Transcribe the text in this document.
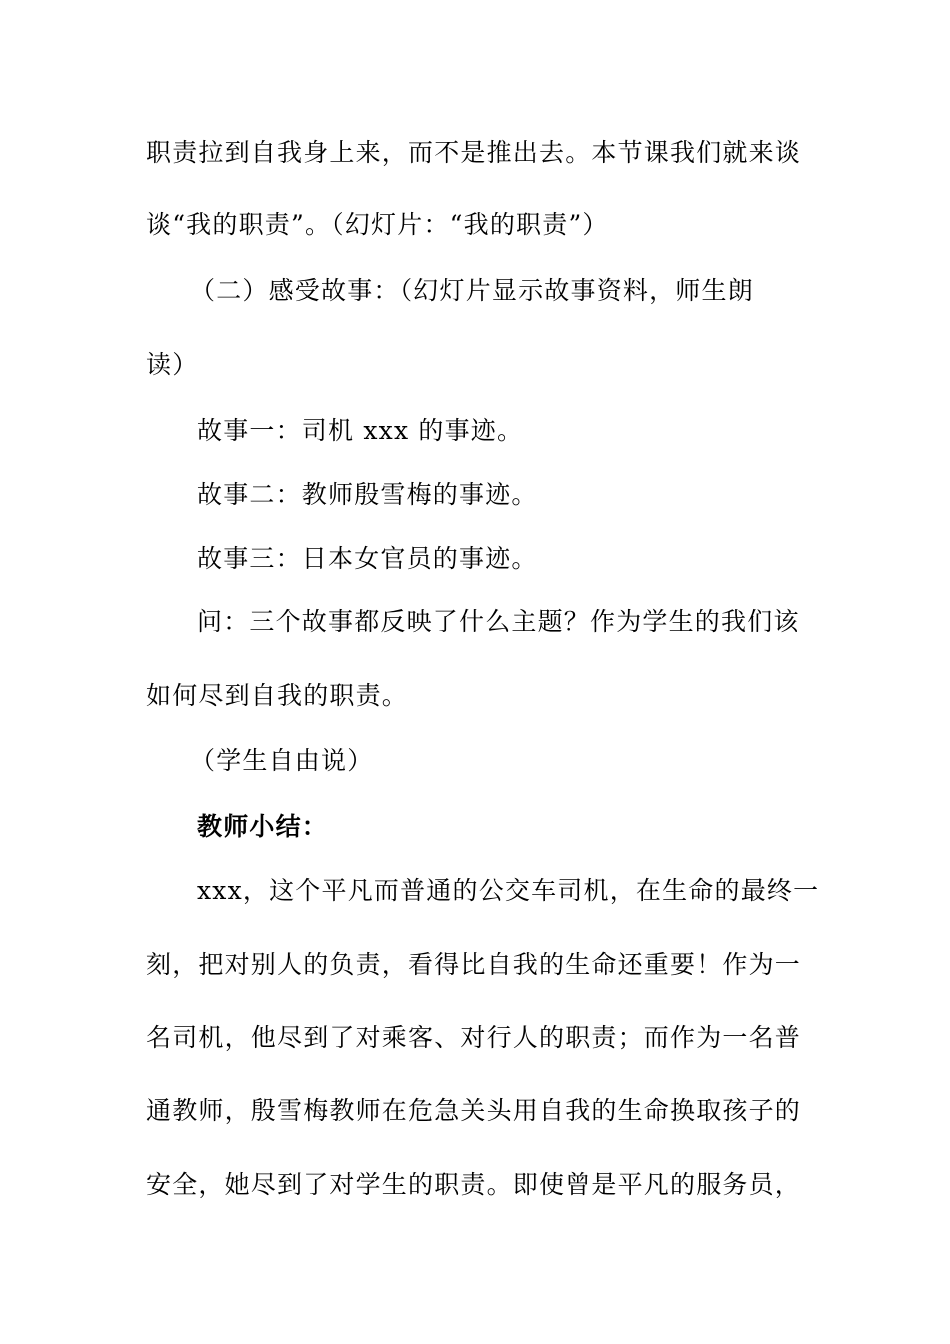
职责拉到自我身上来，而不是推出去。本节课我们就来谈
谈“我的职责”。（幻灯片：“我的职责”）
（二）感受故事：（幻灯片显示故事资料，师生朗
读）
故事一：司机 xxx 的事迹。
故事二：教师殷雪梅的事迹。
故事三：日本女官员的事迹。
问：三个故事都反映了什么主题？作为学生的我们该
如何尽到自我的职责。
（学生自由说）
教师小结：
xxx，这个平凡而普通的公交车司机，在生命的最终一
刻，把对别人的负责，看得比自我的生命还重要！作为一
名司机，他尽到了对乘客、对行人的职责；而作为一名普
通教师，殷雪梅教师在危急关头用自我的生命换取孩子的
安全，她尽到了对学生的职责。即使曾是平凡的服务员，
